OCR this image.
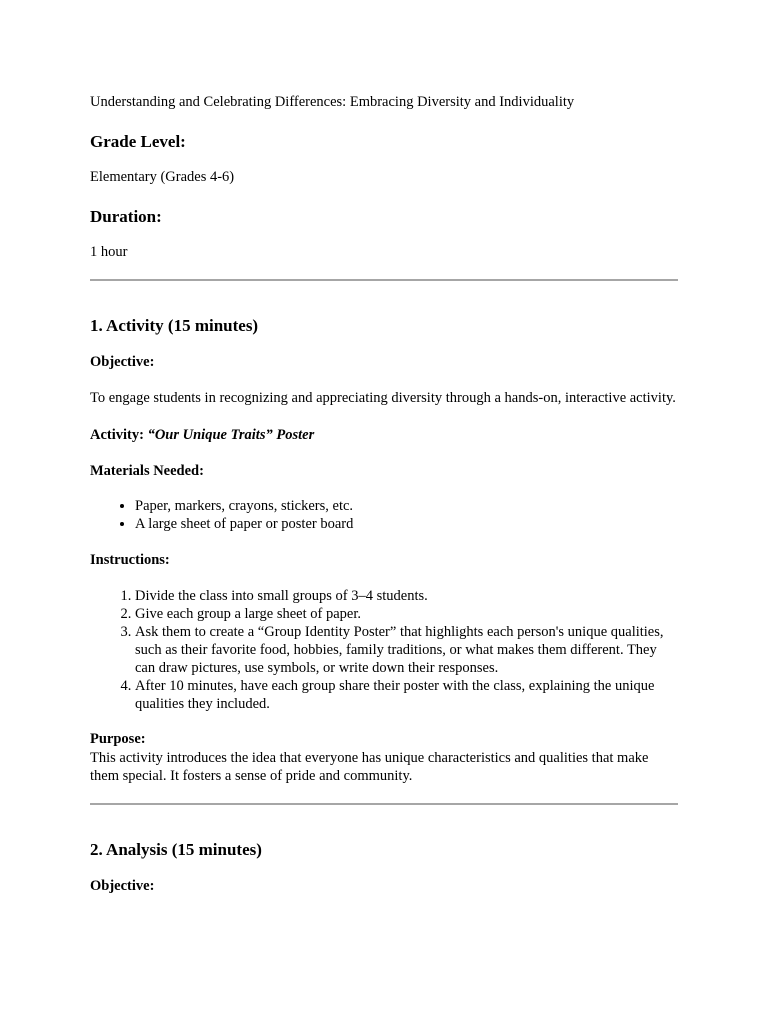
Understanding and Celebrating Differences: Embracing Diversity and Individuality

Grade Level:

Elementary (Grades 4-6)

Duration:

1 hour

1. Activity (15 minutes)

Objective:

To engage students in recognizing and appreciating diversity through a hands-on, interactive activity.

Activity: “Our Unique Traits” Poster

Materials Needed:

• Paper, markers, crayons, stickers, etc.
• A large sheet of paper or poster board

Instructions:

1. Divide the class into small groups of 3–4 students.
2. Give each group a large sheet of paper.
3. Ask them to create a “Group Identity Poster” that highlights each person's unique qualities, such as their favorite food, hobbies, family traditions, or what makes them different. They can draw pictures, use symbols, or write down their responses.
4. After 10 minutes, have each group share their poster with the class, explaining the unique qualities they included.

Purpose:

This activity introduces the idea that everyone has unique characteristics and qualities that make them special. It fosters a sense of pride and community.

2. Analysis (15 minutes)

Objective:
